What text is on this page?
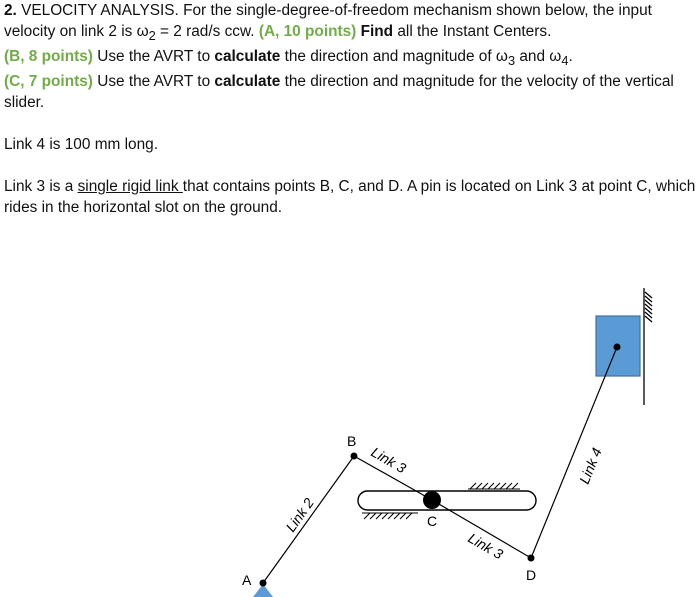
2. VELOCITY ANALYSIS. For the single-degree-of-freedom mechanism shown below, the input velocity on link 2 is $\omega_2 = 2$ rad/s ccw. (A, 10 points) Find all the Instant Centers.

(B, 8 points) Use the AVRT to calculate the direction and magnitude of $\omega_3$ and $\omega_4$.

(C, 7 points) Use the AVRT to calculate the direction and magnitude for the velocity of the vertical slider.

Link 4 is 100 mm long.

Link 3 is a single rigid link that contains points B, C, and D. A pin is located on Link 3 at point C, which rides in the horizontal slot on the ground.

A
B
C
D
Link 2
Link 3
Link 3
Link 4
